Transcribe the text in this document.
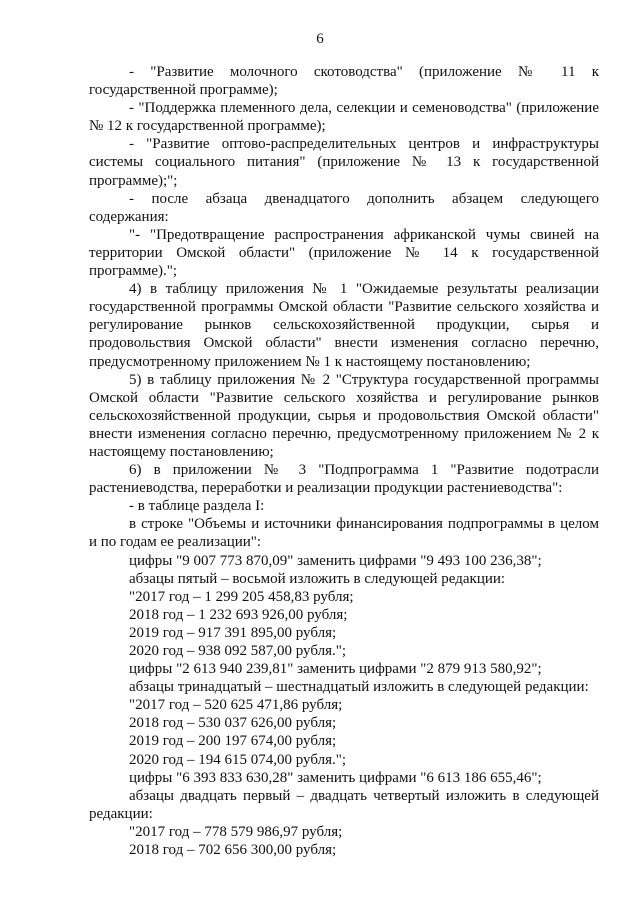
6

- "Развитие молочного скотоводства" (приложение № 11 к государственной программе);

- "Поддержка племенного дела, селекции и семеноводства" (приложение № 12 к государственной программе);

- "Развитие оптово-распределительных центров и инфраструктуры системы социального питания" (приложение № 13 к государственной программе);";

- после абзаца двенадцатого дополнить абзацем следующего содержания:

"- "Предотвращение распространения африканской чумы свиней на территории Омской области" (приложение № 14 к государственной программе).";

4) в таблицу приложения № 1 "Ожидаемые результаты реализации государственной программы Омской области "Развитие сельского хозяйства и регулирование рынков сельскохозяйственной продукции, сырья и продовольствия Омской области" внести изменения согласно перечню, предусмотренному приложением № 1 к настоящему постановлению;

5) в таблицу приложения № 2 "Структура государственной программы Омской области "Развитие сельского хозяйства и регулирование рынков сельскохозяйственной продукции, сырья и продовольствия Омской области" внести изменения согласно перечню, предусмотренному приложением № 2 к настоящему постановлению;

6) в приложении № 3 "Подпрограмма 1 "Развитие подотрасли растениеводства, переработки и реализации продукции растениеводства":

- в таблице раздела I:

в строке "Объемы и источники финансирования подпрограммы в целом и по годам ее реализации":

цифры "9 007 773 870,09" заменить цифрами "9 493 100 236,38";

абзацы пятый – восьмой изложить в следующей редакции:

"2017 год – 1 299 205 458,83 рубля;

2018 год – 1 232 693 926,00 рубля;

2019 год – 917 391 895,00 рубля;

2020 год – 938 092 587,00 рубля.";

цифры "2 613 940 239,81" заменить цифрами "2 879 913 580,92";

абзацы тринадцатый – шестнадцатый изложить в следующей редакции:

"2017 год – 520 625 471,86 рубля;

2018 год – 530 037 626,00 рубля;

2019 год – 200 197 674,00 рубля;

2020 год – 194 615 074,00 рубля.";

цифры "6 393 833 630,28" заменить цифрами "6 613 186 655,46";

абзацы двадцать первый – двадцать четвертый изложить в следующей редакции:

"2017 год – 778 579 986,97 рубля;

2018 год – 702 656 300,00 рубля;
